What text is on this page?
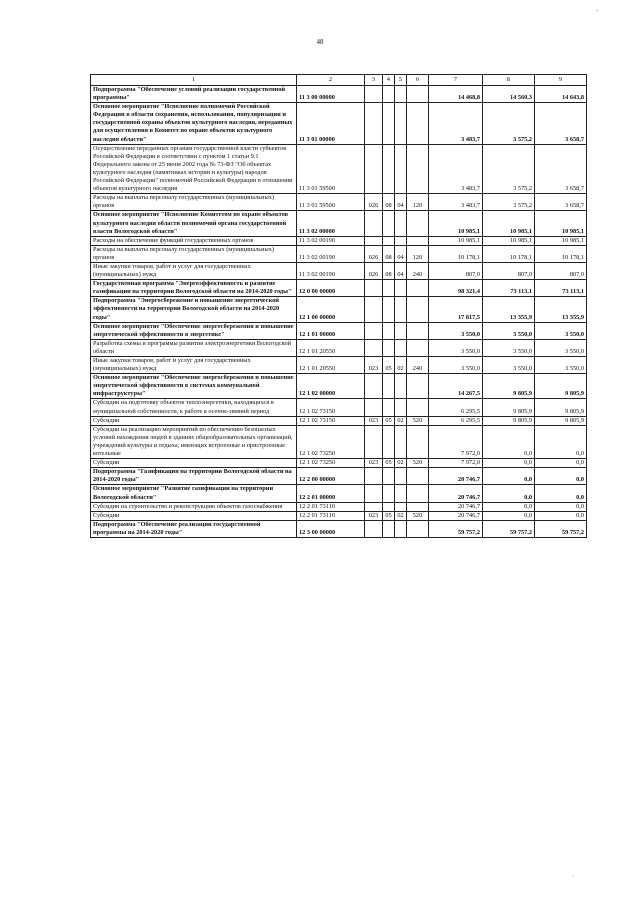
-
48
1	2	3	4	5	6	7	8	9
Подпрограмма "Обеспечение условий реализации государственной программы"	11 3 00 00000					14 468,8	14 560,3	14 643,8
Основное мероприятие "Исполнение полномочий Российской Федерации в области сохранения, использования, популяризации и государственной охраны объектов культурного наследия, переданных для осуществления в Комитет по охране объектов культурного наследия области"	11 3 01 00000					3 483,7	3 575,2	3 658,7
Осуществление переданных органам государственной власти субъектов Российской Федерации в соответствии с пунктом 1 статьи 9.1 Федерального закона от 25 июня 2002 года № 73-ФЗ "Об объектах культурного наследия (памятниках истории и культуры) народов Российской Федерации" полномочий Российской Федерации в отношении объектов культурного наследия	11 3 01 59500					3 483,7	3 575,2	3 658,7
Расходы на выплаты персоналу государственных (муниципальных) органов	11 3 01 59500	026	08	04	120	3 483,7	3 575,2	3 658,7
Основное мероприятие "Исполнение Комитетом по охране объектов культурного наследия области полномочий органа государственной власти Вологодской области"	11 3 02 00000					10 985,1	10 985,1	10 985,1
Расходы на обеспечение функций государственных органов	11 3 02 00190					10 985,1	10 985,1	10 985,1
Расходы на выплаты персоналу государственных (муниципальных) органов	11 3 02 00190	026	08	04	120	10 178,1	10 178,1	10 178,1
Иные закупки товаров, работ и услуг для государственных (муниципальных) нужд	11 3 02 00190	026	08	04	240	807,0	807,0	807,0
Государственная программа "Энергоэффективность и развитие газификации на территории Вологодской области на 2014-2020 годы"	12 0 00 00000					98 321,4	73 113,1	73 113,1
Подпрограмма "Энергосбережение и повышение энергетической эффективности на территории Вологодской области на 2014-2020 годы"	12 1 00 00000					17 817,5	13 355,9	13 355,9
Основное мероприятие "Обеспечение энергосбережения и повышение энергетической эффективности в энергетике"	12 1 01 00000					3 550,0	3 550,0	3 550,0
Разработка схемы и программы развития электроэнергетики Вологодской области	12 1 01 20550					3 550,0	3 550,0	3 550,0
Иные закупки товаров, работ и услуг для государственных (муниципальных) нужд	12 1 01 20550	023	05	02	240	3 550,0	3 550,0	3 550,0
Основное мероприятие "Обеспечение энергосбережения и повышение энергетической эффективности в системах коммунальной инфраструктуры"	12 1 02 00000					14 267,5	9 805,9	9 805,9
Субсидии на подготовку объектов теплоэнергетики, находящихся в муниципальной собственности, к работе в осенне-зимний период	12 1 02 73150					6 295,5	9 805,9	9 805,9
Субсидии	12 1 02 73150	023	05	02	520	6 295,5	9 805,9	9 805,9
Субсидии на реализацию мероприятий по обеспечению безопасных условий нахождения людей в зданиях общеобразовательных организаций, учреждений культуры и отдыха, имеющих встроенные и пристроенные котельные	12 1 02 73250					7 972,0	0,0	0,0
Субсидии	12 1 02 73250	023	05	02	520	7 972,0	0,0	0,0
Подпрограмма "Газификация на территории Вологодской области на 2014-2020 годы"	12 2 00 00000					20 746,7	0,0	0,0
Основное мероприятие "Развитие газификации на территории Вологодской области"	12 2 01 00000					20 746,7	0,0	0,0
Субсидии на строительство и реконструкцию объектов газоснабжения	12 2 01 73110					20 746,7	0,0	0,0
Субсидии	12 2 01 73110	023	05	02	520	20 746,7	0,0	0,0
Подпрограмма "Обеспечение реализации государственной программы на 2014-2020 годы"	12 3 00 00000					59 757,2	59 757,2	59 757,2
,
